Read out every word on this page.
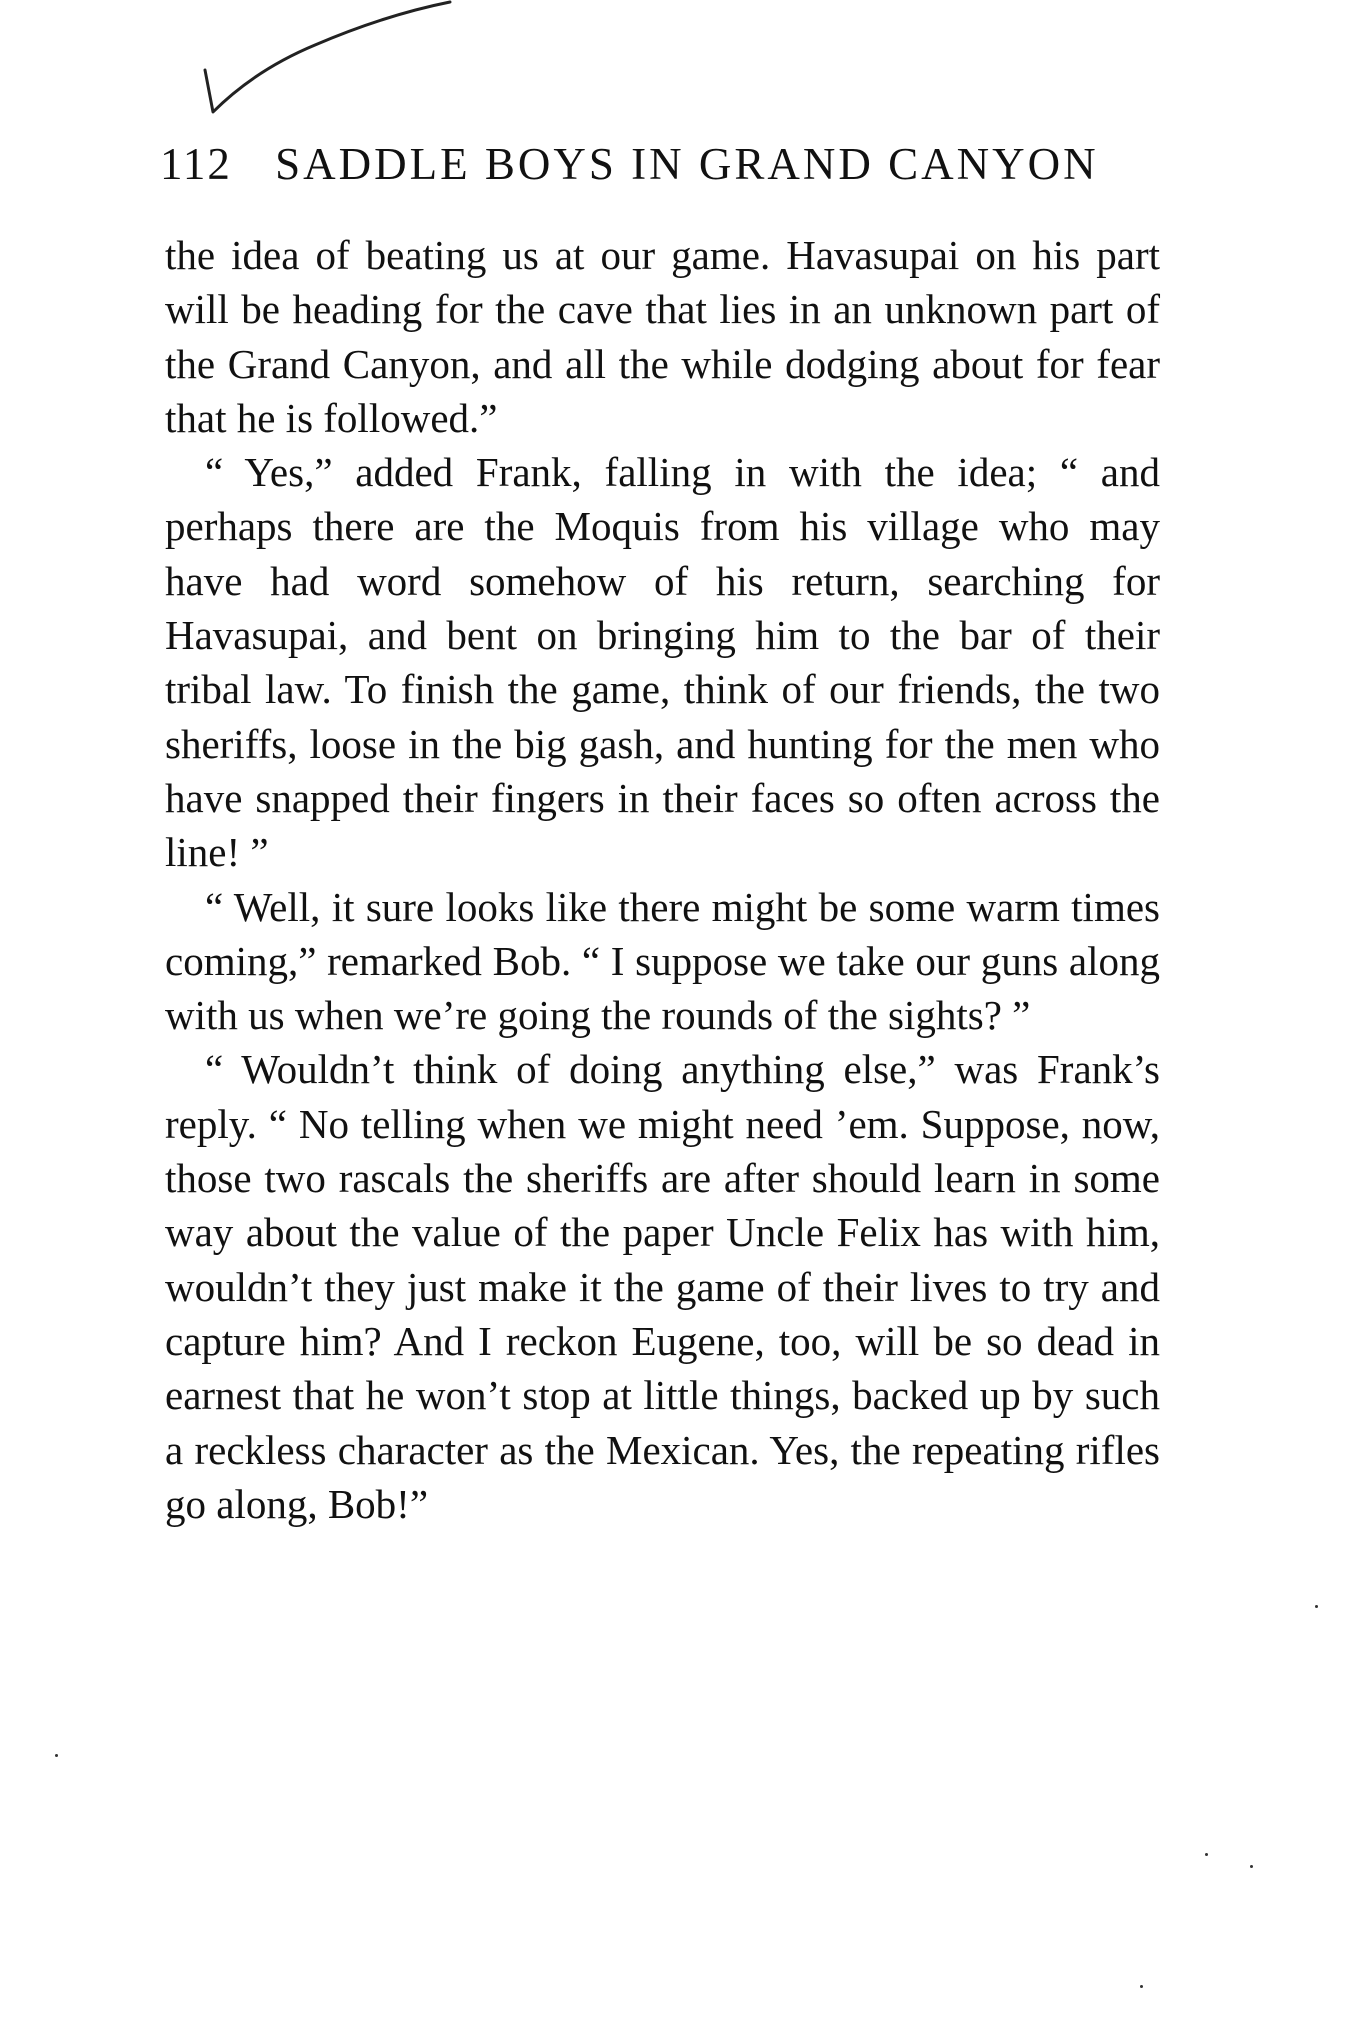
112 SADDLE BOYS IN GRAND CANYON

the idea of beating us at our game. Havasupai on his part will be heading for the cave that lies in an unknown part of the Grand Canyon, and all the while dodging about for fear that he is followed.”

“ Yes,” added Frank, falling in with the idea; “ and perhaps there are the Moquis from his village who may have had word somehow of his return, searching for Havasupai, and bent on bringing him to the bar of their tribal law. To finish the game, think of our friends, the two sheriffs, loose in the big gash, and hunting for the men who have snapped their fingers in their faces so often across the line! ”

“ Well, it sure looks like there might be some warm times coming,” remarked Bob. “ I suppose we take our guns along with us when we’re going the rounds of the sights? ”

“ Wouldn’t think of doing anything else,” was Frank’s reply. “ No telling when we might need ’em. Suppose, now, those two rascals the sheriffs are after should learn in some way about the value of the paper Uncle Felix has with him, wouldn’t they just make it the game of their lives to try and capture him? And I reckon Eugene, too, will be so dead in earnest that he won’t stop at little things, backed up by such a reckless character as the Mexican. Yes, the repeating rifles go along, Bob!”
